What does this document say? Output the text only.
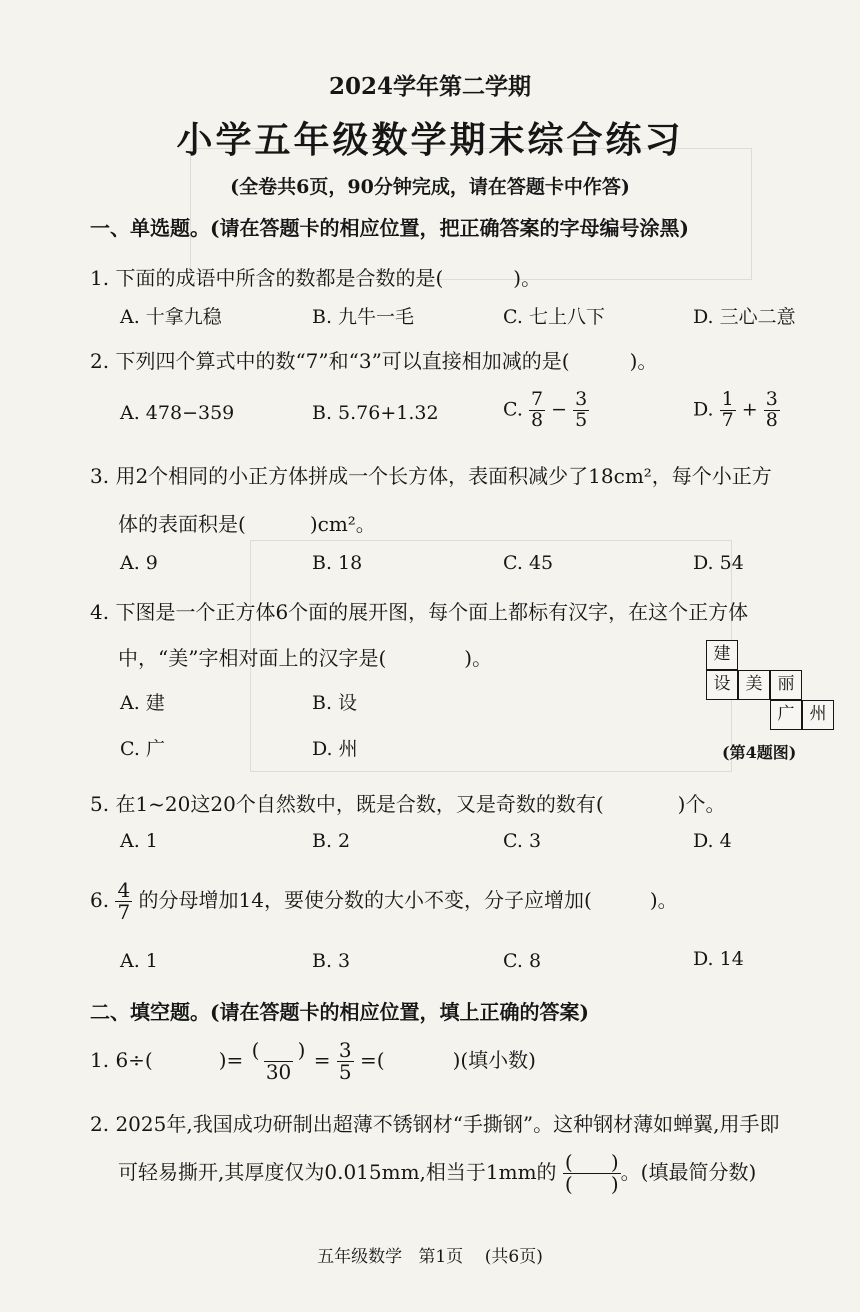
2024学年第二学期
小学五年级数学期末综合练习
(全卷共6页，90分钟完成，请在答题卡中作答)
一、单选题。(请在答题卡的相应位置，把正确答案的字母编号涂黑)
1. 下面的成语中所含的数都是合数的是(	)。
A. 十拿九稳	B. 九牛一毛	C. 七上八下	D. 三心二意
2. 下列四个算式中的数“7”和“3”可以直接相加减的是(	)。
A. 478−359	B. 5.76+1.32	C. $\frac{7}{8} - \frac{3}{5}$	D. $\frac{1}{7} + \frac{3}{8}$
3. 用2个相同的小正方体拼成一个长方体，表面积减少了18cm²，每个小正方
体的表面积是(	)cm²。
A. 9	B. 18	C. 45	D. 54
4. 下图是一个正方体6个面的展开图，每个面上都标有汉字，在这个正方体
中，“美”字相对面上的汉字是(	)。
A. 建	B. 设
C. 广	D. 州
建
设 美 丽
广 州
(第4题图)
5. 在1~20这20个自然数中，既是合数，又是奇数的数有(	)个。
A. 1	B. 2	C. 3	D. 4
6. $\frac{4}{7}$ 的分母增加14，要使分数的大小不变，分子应增加(	)。
A. 1	B. 3	C. 8	D. 14
二、填空题。(请在答题卡的相应位置，填上正确的答案)
1. 6÷(	)= $\frac{( )}{30} = \frac{3}{5}$ =(	)(填小数)
2. 2025年,我国成功研制出超薄不锈钢材“手撕钢”。这种钢材薄如蝉翼,用手即
可轻易撕开,其厚度仅为0.015mm,相当于1mm的 $\frac{( )}{( )}$ 。(填最简分数)
五年级数学 第1页 (共6页)
